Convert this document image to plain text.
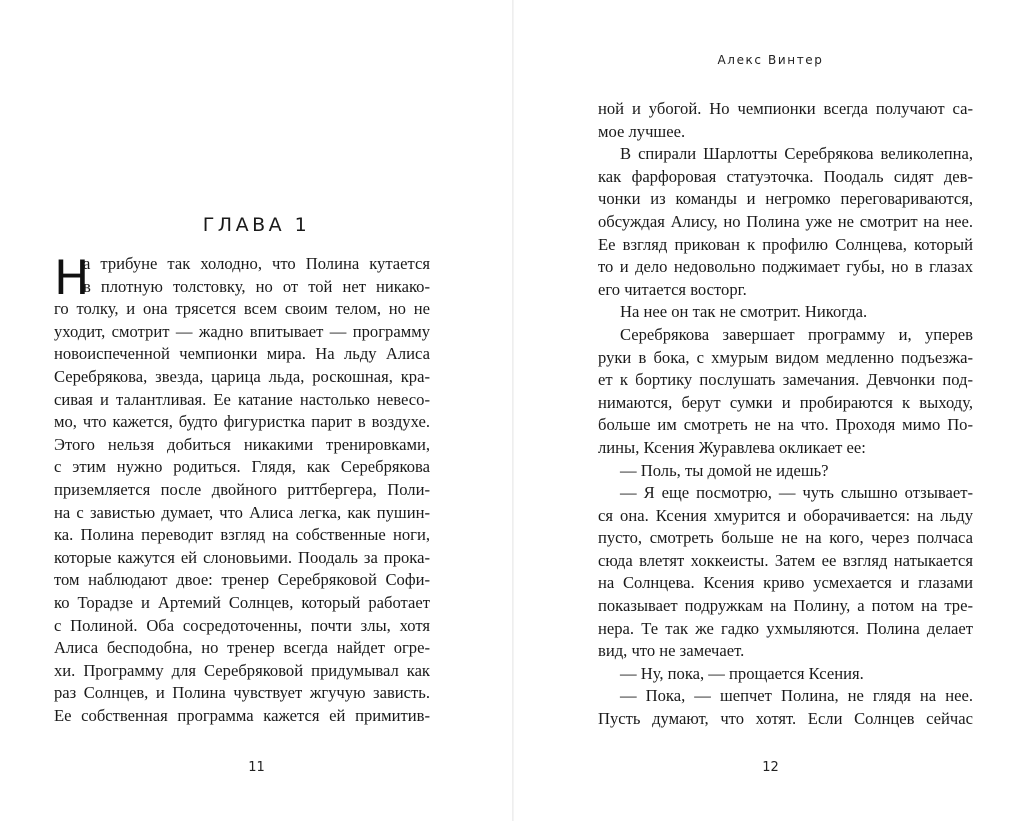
ГЛАВА 1
Н
а трибуне так холодно, что Полина кутается
в плотную толстовку, но от той нет никако-
го толку, и она трясется всем своим телом, но не
уходит, смотрит — жадно впитывает — программу
новоиспеченной чемпионки мира. На льду Алиса
Серебрякова, звезда, царица льда, роскошная, кра-
сивая и талантливая. Ее катание настолько невесо-
мо, что кажется, будто фигуристка парит в воздухе.
Этого нельзя добиться никакими тренировками,
с этим нужно родиться. Глядя, как Серебрякова
приземляется после двойного риттбергера, Поли-
на с завистью думает, что Алиса легка, как пушин-
ка. Полина переводит взгляд на собственные ноги,
которые кажутся ей слоновьими. Поодаль за прока-
том наблюдают двое: тренер Серебряковой Софи-
ко Торадзе и Артемий Солнцев, который работает
с Полиной. Оба сосредоточенны, почти злы, хотя
Алиса бесподобна, но тренер всегда найдет огре-
хи. Программу для Серебряковой придумывал как
раз Солнцев, и Полина чувствует жгучую зависть.
Ее собственная программа кажется ей примитив-
11
Алекс Винтер
ной и убогой. Но чемпионки всегда получают са-
мое лучшее.
В спирали Шарлотты Серебрякова великолепна,
как фарфоровая статуэточка. Поодаль сидят дев-
чонки из команды и негромко переговариваются,
обсуждая Алису, но Полина уже не смотрит на нее.
Ее взгляд прикован к профилю Солнцева, который
то и дело недовольно поджимает губы, но в глазах
его читается восторг.
На нее он так не смотрит. Никогда.
Серебрякова завершает программу и, уперев
руки в бока, с хмурым видом медленно подъезжа-
ет к бортику послушать замечания. Девчонки под-
нимаются, берут сумки и пробираются к выходу,
больше им смотреть не на что. Проходя мимо По-
лины, Ксения Журавлева окликает ее:
— Поль, ты домой не идешь?
— Я еще посмотрю, — чуть слышно отзывает-
ся она. Ксения хмурится и оборачивается: на льду
пусто, смотреть больше не на кого, через полчаса
сюда влетят хоккеисты. Затем ее взгляд натыкается
на Солнцева. Ксения криво усмехается и глазами
показывает подружкам на Полину, а потом на тре-
нера. Те так же гадко ухмыляются. Полина делает
вид, что не замечает.
— Ну, пока, — прощается Ксения.
— Пока, — шепчет Полина, не глядя на нее.
Пусть думают, что хотят. Если Солнцев сейчас
12
